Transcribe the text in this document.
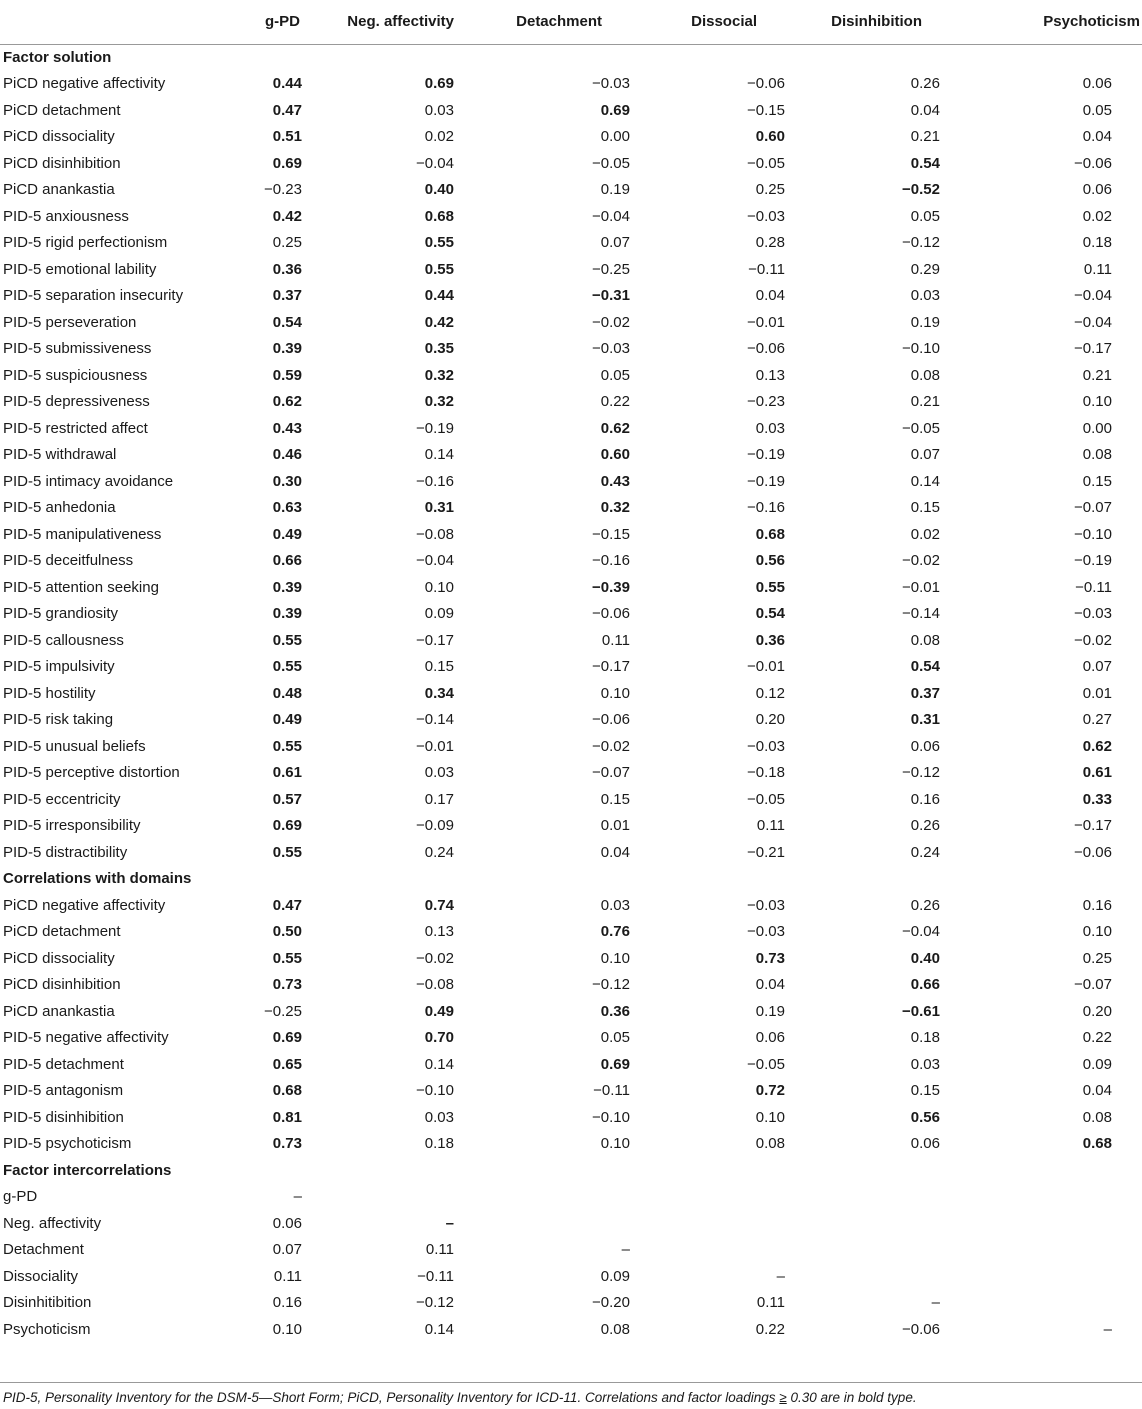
	g-PD	Neg. affectivity	Detachment	Dissocial	Disinhibition	Psychoticism
Factor solution						
PiCD negative affectivity	0.44	0.69	−0.03	−0.06	0.26	0.06
PiCD detachment	0.47	0.03	0.69	−0.15	0.04	0.05
PiCD dissociality	0.51	0.02	0.00	0.60	0.21	0.04
PiCD disinhibition	0.69	−0.04	−0.05	−0.05	0.54	−0.06
PiCD anankastia	−0.23	0.40	0.19	0.25	−0.52	0.06
PID-5 anxiousness	0.42	0.68	−0.04	−0.03	0.05	0.02
PID-5 rigid perfectionism	0.25	0.55	0.07	0.28	−0.12	0.18
PID-5 emotional lability	0.36	0.55	−0.25	−0.11	0.29	0.11
PID-5 separation insecurity	0.37	0.44	−0.31	0.04	0.03	−0.04
PID-5 perseveration	0.54	0.42	−0.02	−0.01	0.19	−0.04
PID-5 submissiveness	0.39	0.35	−0.03	−0.06	−0.10	−0.17
PID-5 suspiciousness	0.59	0.32	0.05	0.13	0.08	0.21
PID-5 depressiveness	0.62	0.32	0.22	−0.23	0.21	0.10
PID-5 restricted affect	0.43	−0.19	0.62	0.03	−0.05	0.00
PID-5 withdrawal	0.46	0.14	0.60	−0.19	0.07	0.08
PID-5 intimacy avoidance	0.30	−0.16	0.43	−0.19	0.14	0.15
PID-5 anhedonia	0.63	0.31	0.32	−0.16	0.15	−0.07
PID-5 manipulativeness	0.49	−0.08	−0.15	0.68	0.02	−0.10
PID-5 deceitfulness	0.66	−0.04	−0.16	0.56	−0.02	−0.19
PID-5 attention seeking	0.39	0.10	−0.39	0.55	−0.01	−0.11
PID-5 grandiosity	0.39	0.09	−0.06	0.54	−0.14	−0.03
PID-5 callousness	0.55	−0.17	0.11	0.36	0.08	−0.02
PID-5 impulsivity	0.55	0.15	−0.17	−0.01	0.54	0.07
PID-5 hostility	0.48	0.34	0.10	0.12	0.37	0.01
PID-5 risk taking	0.49	−0.14	−0.06	0.20	0.31	0.27
PID-5 unusual beliefs	0.55	−0.01	−0.02	−0.03	0.06	0.62
PID-5 perceptive distortion	0.61	0.03	−0.07	−0.18	−0.12	0.61
PID-5 eccentricity	0.57	0.17	0.15	−0.05	0.16	0.33
PID-5 irresponsibility	0.69	−0.09	0.01	0.11	0.26	−0.17
PID-5 distractibility	0.55	0.24	0.04	−0.21	0.24	−0.06
Correlations with domains						
PiCD negative affectivity	0.47	0.74	0.03	−0.03	0.26	0.16
PiCD detachment	0.50	0.13	0.76	−0.03	−0.04	0.10
PiCD dissociality	0.55	−0.02	0.10	0.73	0.40	0.25
PiCD disinhibition	0.73	−0.08	−0.12	0.04	0.66	−0.07
PiCD anankastia	−0.25	0.49	0.36	0.19	−0.61	0.20
PID-5 negative affectivity	0.69	0.70	0.05	0.06	0.18	0.22
PID-5 detachment	0.65	0.14	0.69	−0.05	0.03	0.09
PID-5 antagonism	0.68	−0.10	−0.11	0.72	0.15	0.04
PID-5 disinhibition	0.81	0.03	−0.10	0.10	0.56	0.08
PID-5 psychoticism	0.73	0.18	0.10	0.08	0.06	0.68
Factor intercorrelations						
g-PD	–					
Neg. affectivity	0.06	–				
Detachment	0.07	0.11	–			
Dissociality	0.11	−0.11	0.09	–		
Disinhitibition	0.16	−0.12	−0.20	0.11	–	
Psychoticism	0.10	0.14	0.08	0.22	−0.06	–
PID-5, Personality Inventory for the DSM-5—Short Form; PiCD, Personality Inventory for ICD-11. Correlations and factor loadings ≥ 0.30 are in bold type.
